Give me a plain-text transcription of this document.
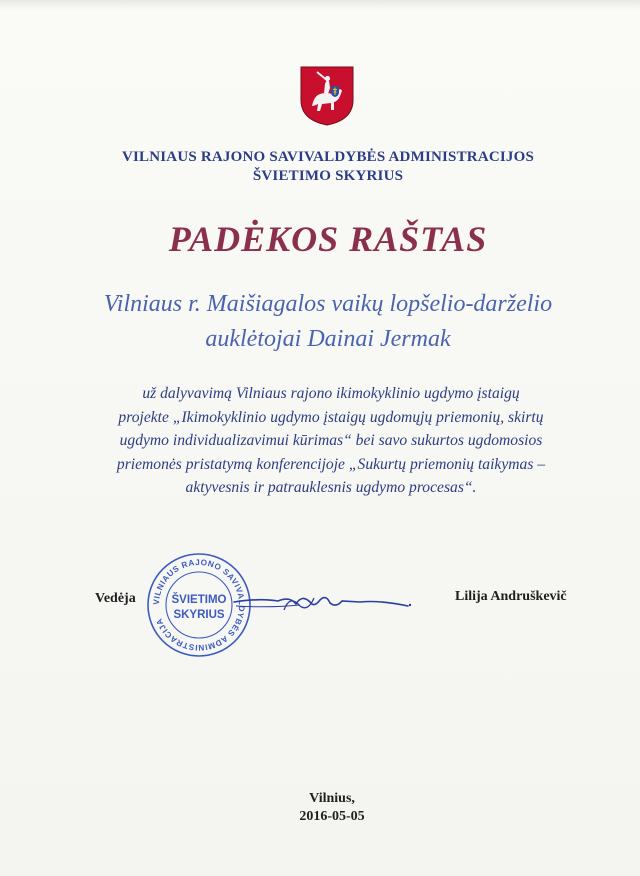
VILNIAUS RAJONO SAVIVALDYBĖS ADMINISTRACIJOS
ŠVIETIMO SKYRIUS
PADĖKOS RAŠTAS
Vilniaus r. Maišiagalos vaikų lopšelio-darželio
auklėtojai Dainai Jermak
už dalyvavimą Vilniaus rajono ikimokyklinio ugdymo įstaigų
projekte „Ikimokyklinio ugdymo įstaigų ugdomųjų priemonių, skirtų
ugdymo individualizavimui kūrimas“ bei savo sukurtos ugdomosios
priemonės pristatymą konferencijoje „Sukurtų priemonių taikymas –
aktyvesnis ir patrauklesnis ugdymo procesas“.
Vedėja VILNIAUS RAJONO SAVIVALDYBĖS ADMINISTRACIJA
ŠVIETIMO
SKYRIUS
Lilija Andruškevič
Vilnius,
2016-05-05
